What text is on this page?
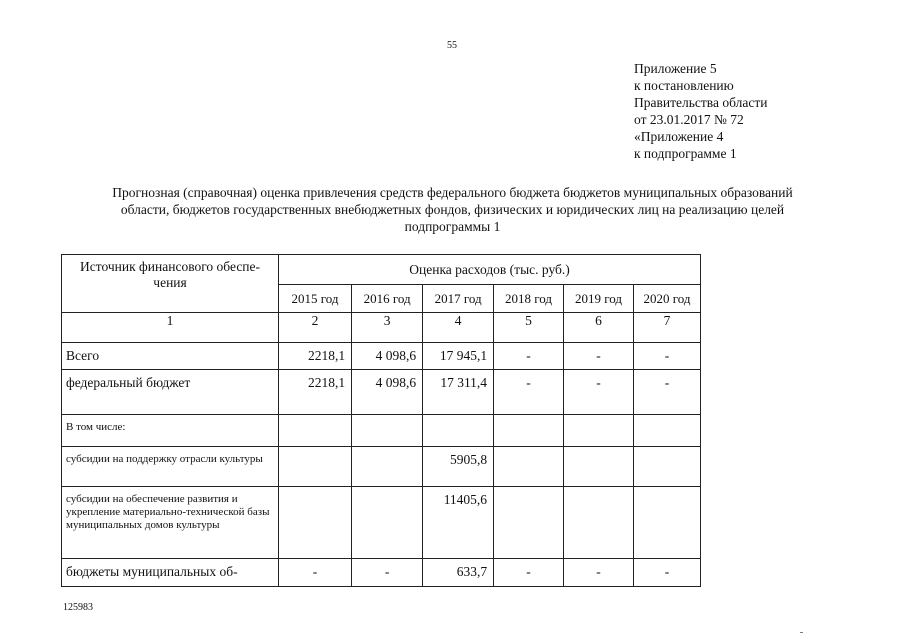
55
Приложение 5
к постановлению
Правительства области
от 23.01.2017 № 72
«Приложение 4
к подпрограмме 1
Прогнозная (справочная) оценка привлечения средств федерального бюджета бюджетов муниципальных образований
области, бюджетов государственных внебюджетных фондов, физических и юридических лиц на реализацию целей
подпрограммы 1
Источник финансового обеспе-
чения	Оценка расходов (тыс. руб.)					
	2015 год	2016 год	2017 год	2018 год	2019 год	2020 год
1	2	3	4	5	6	7
Всего	2218,1	4 098,6	17 945,1	-	-	-
федеральный бюджет	2218,1	4 098,6	17 311,4	-	-	-
В том числе:						
субсидии на поддержку отрасли культуры			5905,8			
субсидии на обеспечение развития и укрепление материально-технической базы муниципальных домов культуры			11405,6			
бюджеты муниципальных об-	-	-	633,7	-	-	-
125983
